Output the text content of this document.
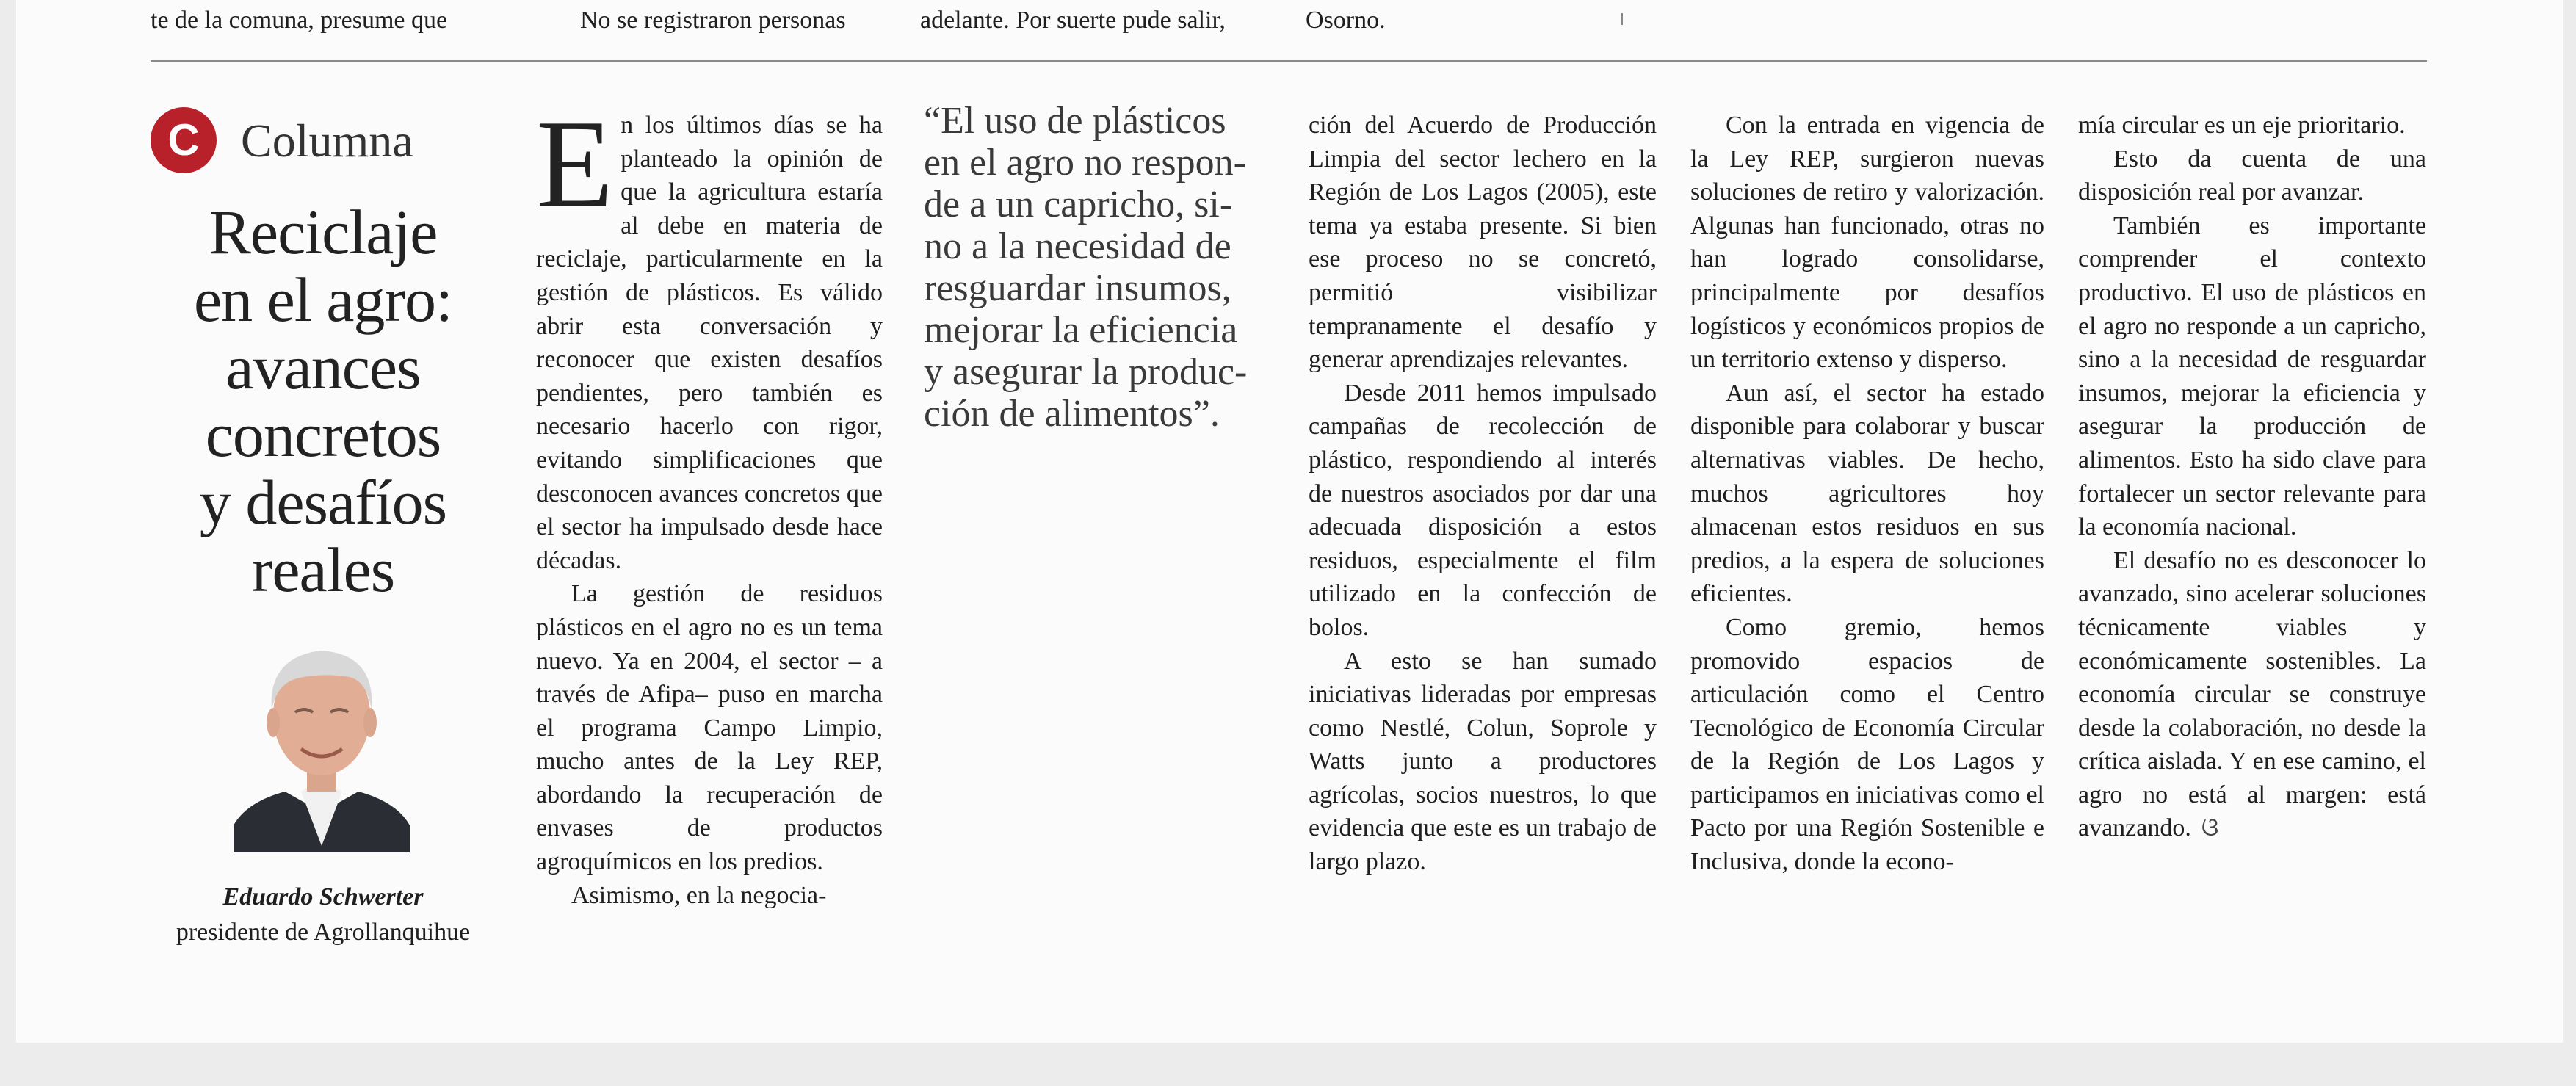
te de la comuna, presume que	No se registraron personas	adelante. Por suerte pude salir,	Osorno.
C Columna
Reciclaje
en el agro:
avances
concretos
y desafíos
reales
Eduardo Schwerter
presidente de Agrollanquihue

En los últimos días se ha planteado la opinión de que la agricultura estaría al debe en materia de reciclaje, particularmente en la gestión de plásticos. Es válido abrir esta conversación y reconocer que existen desafíos pendientes, pero también es necesario hacerlo con rigor, evitando simplificaciones que desconocen avances concretos que el sector ha impulsado desde hace décadas.

La gestión de residuos plásticos en el agro no es un tema nuevo. Ya en 2004, el sector – a través de Afipa– puso en marcha el programa Campo Limpio, mucho antes de la Ley REP, abordando la recuperación de envases de productos agroquímicos en los predios.

Asimismo, en la negocia-

“El uso de plásticos
en el agro no respon-
de a un capricho, si-
no a la necesidad de
resguardar insumos,
mejorar la eficiencia
y asegurar la produc-
ción de alimentos”.

ción del Acuerdo de Producción Limpia del sector lechero en la Región de Los Lagos (2005), este tema ya estaba presente. Si bien ese proceso no se concretó, permitió visibilizar tempranamente el desafío y generar aprendizajes relevantes.

Desde 2011 hemos impulsado campañas de recolección de plástico, respondiendo al interés de nuestros asociados por dar una adecuada disposición a estos residuos, especialmente el film utilizado en la confección de bolos.

A esto se han sumado iniciativas lideradas por empresas como Nestlé, Colun, Soprole y Watts junto a productores agrícolas, socios nuestros, lo que evidencia que este es un trabajo de largo plazo.

Con la entrada en vigencia de la Ley REP, surgieron nuevas soluciones de retiro y valorización. Algunas han funcionado, otras no han logrado consolidarse, principalmente por desafíos logísticos y económicos propios de un territorio extenso y disperso.

Aun así, el sector ha estado disponible para colaborar y buscar alternativas viables. De hecho, muchos agricultores hoy almacenan estos residuos en sus predios, a la espera de soluciones eficientes.

Como gremio, hemos promovido espacios de articulación como el Centro Tecnológico de Economía Circular de la Región de Los Lagos y participamos en iniciativas como el Pacto por una Región Sostenible e Inclusiva, donde la econo-

mía circular es un eje prioritario.

Esto da cuenta de una disposición real por avanzar.

También es importante comprender el contexto productivo. El uso de plásticos en el agro no responde a un capricho, sino a la necesidad de resguardar insumos, mejorar la eficiencia y asegurar la producción de alimentos. Esto ha sido clave para fortalecer un sector relevante para la economía nacional.

El desafío no es desconocer lo avanzado, sino acelerar soluciones técnicamente viables y económicamente sostenibles. La economía circular se construye desde la colaboración, no desde la crítica aislada. Y en ese camino, el agro no está al margen: está avanzando. ଓ
